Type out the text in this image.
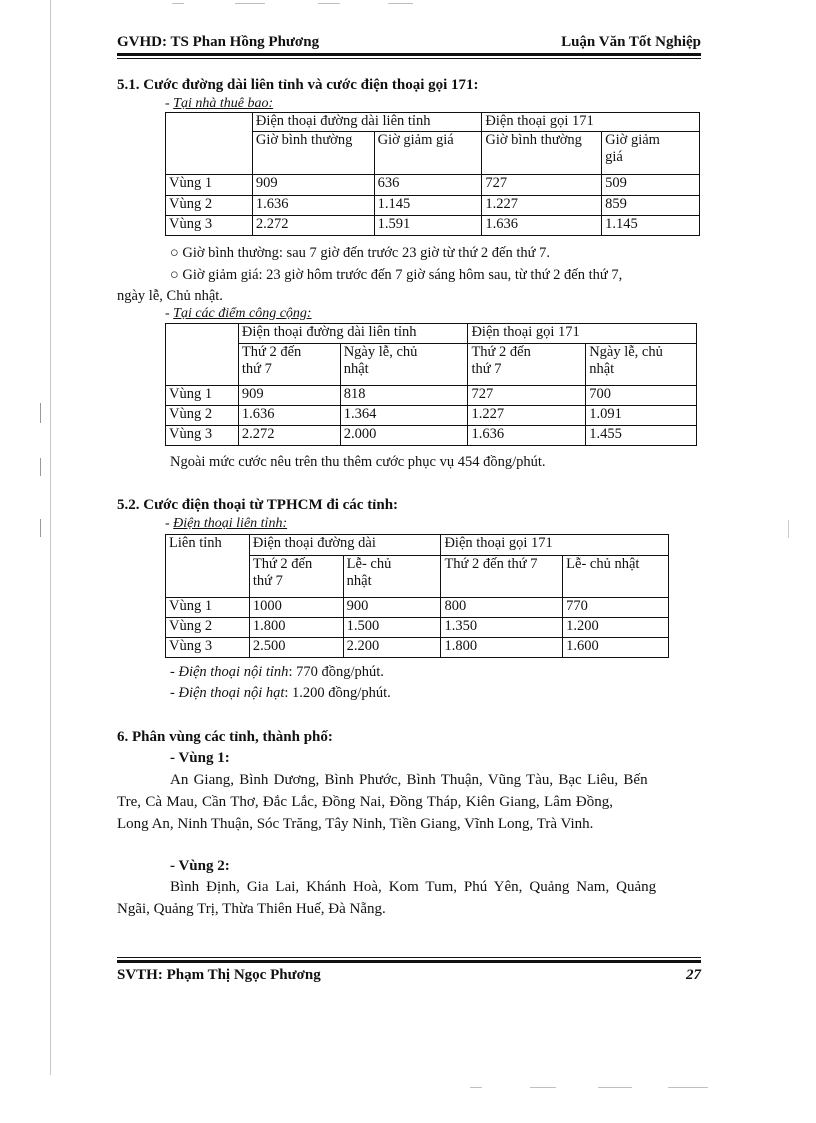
GVHD: TS Phan Hồng Phương	Luận Văn Tốt Nghiệp
5.1. Cước đường dài liên tỉnh và cước điện thoại gọi 171:
- Tại nhà thuê bao:
	Điện thoại đường dài liên tỉnh		Điện thoại gọi 171	
	Giờ bình thường	Giờ giảm giá	Giờ bình thường	Giờ giảm
giá
Vùng 1	909	636	727	509
Vùng 2	1.636	1.145	1.227	859
Vùng 3	2.272	1.591	1.636	1.145
○ Giờ bình thường: sau 7 giờ đến trước 23 giờ từ thứ 2 đến thứ 7.
○ Giờ giảm giá: 23 giờ hôm trước đến 7 giờ sáng hôm sau, từ thứ 2 đến thứ 7,
ngày lễ, Chủ nhật.
- Tại các điểm công cộng:
	Điện thoại đường dài liên tỉnh		Điện thoại gọi 171	
	Thứ 2 đến
thứ 7	Ngày lễ, chủ
nhật	Thứ 2 đến
thứ 7	Ngày lễ, chủ
nhật
Vùng 1	909	818	727	700
Vùng 2	1.636	1.364	1.227	1.091
Vùng 3	2.272	2.000	1.636	1.455
Ngoài mức cước nêu trên thu thêm cước phục vụ 454 đồng/phút.
5.2. Cước điện thoại từ TPHCM đi các tỉnh:
- Điện thoại liên tỉnh:
Liên tỉnh	Điện thoại đường dài		Điện thoại gọi 171	
	Thứ 2 đến
thứ 7	Lễ- chủ
nhật	Thứ 2 đến thứ 7	Lễ- chủ nhật
Vùng 1	1000	900	800	770
Vùng 2	1.800	1.500	1.350	1.200
Vùng 3	2.500	2.200	1.800	1.600
- Điện thoại nội tỉnh: 770 đồng/phút.
- Điện thoại nội hạt: 1.200 đồng/phút.
6. Phân vùng các tỉnh, thành phố:
- Vùng 1:
An Giang, Bình Dương, Bình Phước, Bình Thuận, Vũng Tàu, Bạc Liêu, Bến
Tre, Cà Mau, Cần Thơ, Đắc Lắc, Đồng Nai, Đồng Tháp, Kiên Giang, Lâm Đồng,
Long An, Ninh Thuận, Sóc Trăng, Tây Ninh, Tiền Giang, Vĩnh Long, Trà Vinh.
- Vùng 2:
Bình Định, Gia Lai, Khánh Hoà, Kom Tum, Phú Yên, Quảng Nam, Quảng
Ngãi, Quảng Trị, Thừa Thiên Huế, Đà Nẵng.
SVTH: Phạm Thị Ngọc Phương	27
